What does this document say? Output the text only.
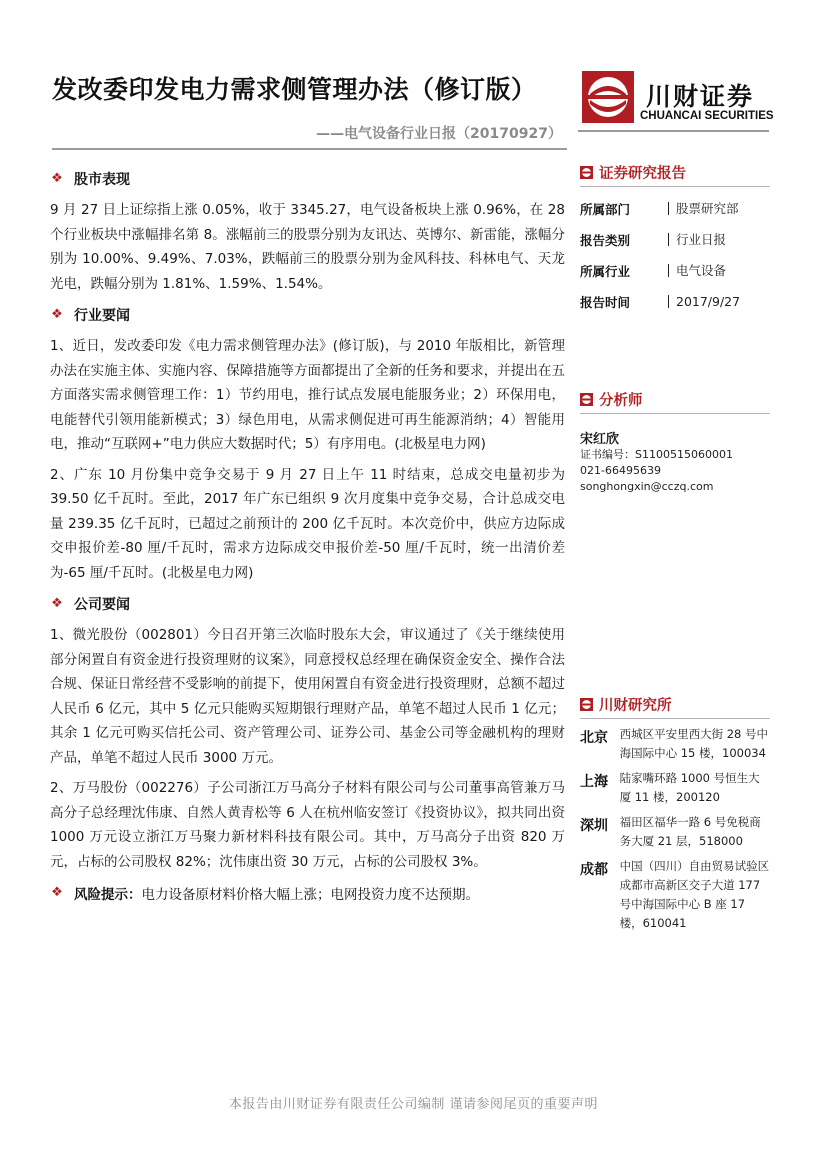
发改委印发电力需求侧管理办法（修订版）
——电气设备行业日报（20170927）
川财证券
CHUANCAI SECURITIES
❖ 股市表现

9 月 27 日上证综指上涨 0.05%，收于 3345.27，电气设备板块上涨 0.96%，在 28 个行业板块中涨幅排名第 8。涨幅前三的股票分别为友讯达、英博尔、新雷能，涨幅分别为 10.00%、9.49%、7.03%，跌幅前三的股票分别为金风科技、科林电气、天龙光电，跌幅分别为 1.81%、1.59%、1.54%。

❖ 行业要闻

1、近日，发改委印发《电力需求侧管理办法》(修订版)，与 2010 年版相比，新管理办法在实施主体、实施内容、保障措施等方面都提出了全新的任务和要求，并提出在五方面落实需求侧管理工作：1）节约用电，推行试点发展电能服务业；2）环保用电，电能替代引领用能新模式；3）绿色用电，从需求侧促进可再生能源消纳；4）智能用电，推动“互联网+”电力供应大数据时代；5）有序用电。(北极星电力网)

2、广东 10 月份集中竞争交易于 9 月 27 日上午 11 时结束，总成交电量初步为 39.50 亿千瓦时。至此，2017 年广东已组织 9 次月度集中竞争交易，合计总成交电量 239.35 亿千瓦时，已超过之前预计的 200 亿千瓦时。本次竞价中，供应方边际成交申报价差-80 厘/千瓦时，需求方边际成交申报价差-50 厘/千瓦时，统一出清价差为-65 厘/千瓦时。(北极星电力网)

❖ 公司要闻

1、微光股份（002801）今日召开第三次临时股东大会，审议通过了《关于继续使用部分闲置自有资金进行投资理财的议案》，同意授权总经理在确保资金安全、操作合法合规、保证日常经营不受影响的前提下，使用闲置自有资金进行投资理财，总额不超过人民币 6 亿元，其中 5 亿元只能购买短期银行理财产品，单笔不超过人民币 1 亿元；其余 1 亿元可购买信托公司、资产管理公司、证券公司、基金公司等金融机构的理财产品，单笔不超过人民币 3000 万元。

2、万马股份（002276）子公司浙江万马高分子材料有限公司与公司董事高管兼万马高分子总经理沈伟康、自然人黄青松等 6 人在杭州临安签订《投资协议》，拟共同出资 1000 万元设立浙江万马聚力新材料科技有限公司。其中，万马高分子出资 820 万元，占标的公司股权 82%；沈伟康出资 30 万元，占标的公司股权 3%。

❖ 风险提示： 电力设备原材料价格大幅上涨；电网投资力度不达预期。
证券研究报告
所属部门	股票研究部
报告类别	行业日报
所属行业	电气设备
报告时间	2017/9/27
分析师
宋红欣
证书编号：S1100515060001
021-66495639
songhongxin@cczq.com
川财研究所
北京	西城区平安里西大街 28 号中海国际中心 15 楼，100034
上海	陆家嘴环路 1000 号恒生大厦 11 楼，200120
深圳	福田区福华一路 6 号免税商务大厦 21 层，518000
成都	中国（四川）自由贸易试验区成都市高新区交子大道 177 号中海国际中心 B 座 17 楼，610041
本报告由川财证券有限责任公司编制 谨请参阅尾页的重要声明
